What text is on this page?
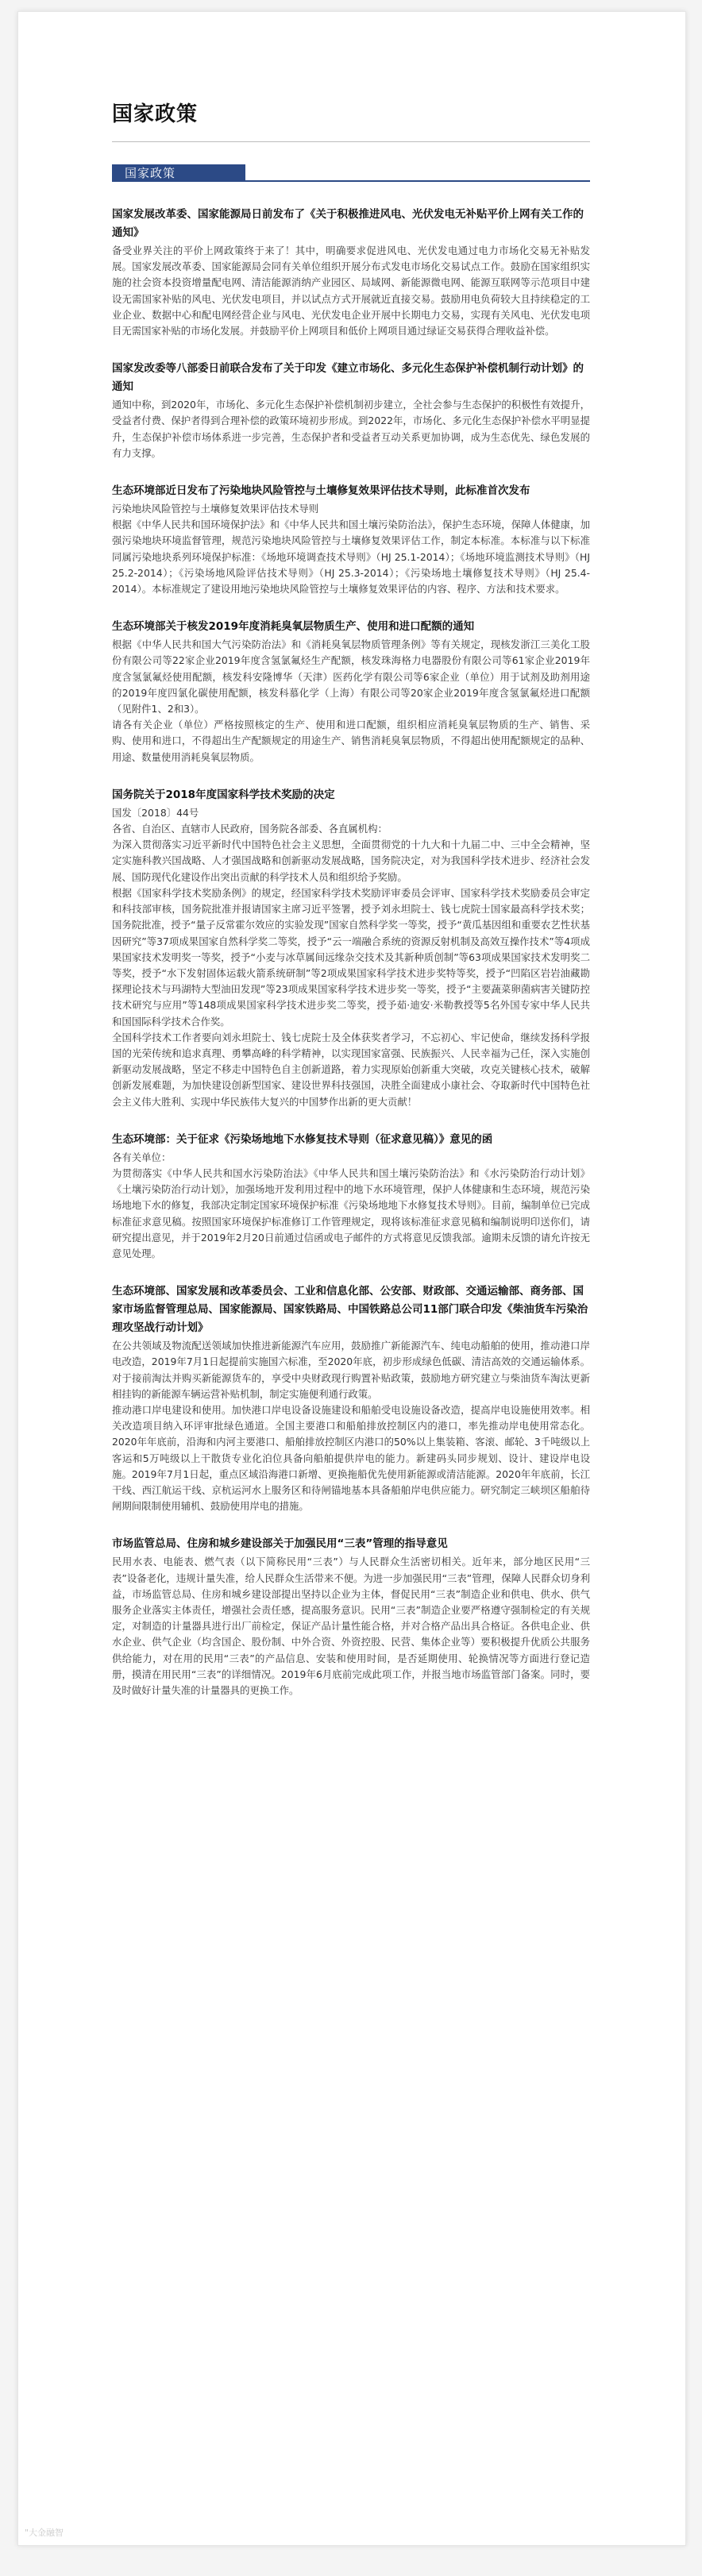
国家政策
国家政策
国家发展改革委、国家能源局日前发布了《关于积极推进风电、光伏发电无补贴平价上网有关工作的通知》

备受业界关注的平价上网政策终于来了！其中，明确要求促进风电、光伏发电通过电力市场化交易无补贴发展。国家发展改革委、国家能源局会同有关单位组织开展分布式发电市场化交易试点工作。鼓励在国家组织实施的社会资本投资增量配电网、清洁能源消纳产业园区、局域网、新能源微电网、能源互联网等示范项目中建设无需国家补贴的风电、光伏发电项目，并以试点方式开展就近直接交易。鼓励用电负荷较大且持续稳定的工业企业、数据中心和配电网经营企业与风电、光伏发电企业开展中长期电力交易，实现有关风电、光伏发电项目无需国家补贴的市场化发展。并鼓励平价上网项目和低价上网项目通过绿证交易获得合理收益补偿。

国家发改委等八部委日前联合发布了关于印发《建立市场化、多元化生态保护补偿机制行动计划》的通知

通知中称，到2020年，市场化、多元化生态保护补偿机制初步建立，全社会参与生态保护的积极性有效提升，受益者付费、保护者得到合理补偿的政策环境初步形成。到2022年，市场化、多元化生态保护补偿水平明显提升，生态保护补偿市场体系进一步完善，生态保护者和受益者互动关系更加协调，成为生态优先、绿色发展的有力支撑。

生态环境部近日发布了污染地块风险管控与土壤修复效果评估技术导则，此标准首次发布

污染地块风险管控与土壤修复效果评估技术导则

根据《中华人民共和国环境保护法》和《中华人民共和国土壤污染防治法》，保护生态环境，保障人体健康，加强污染地块环境监督管理，规范污染地块风险管控与土壤修复效果评估工作，制定本标准。本标准与以下标准同属污染地块系列环境保护标准：《场地环境调查技术导则》（HJ 25.1-2014）；《场地环境监测技术导则》（HJ 25.2-2014）；《污染场地风险评估技术导则》（HJ 25.3-2014）；《污染场地土壤修复技术导则》（HJ 25.4-2014）。本标准规定了建设用地污染地块风险管控与土壤修复效果评估的内容、程序、方法和技术要求。

生态环境部关于核发2019年度消耗臭氧层物质生产、使用和进口配额的通知

根据《中华人民共和国大气污染防治法》和《消耗臭氧层物质管理条例》等有关规定，现核发浙江三美化工股份有限公司等22家企业2019年度含氢氯氟烃生产配额，核发珠海格力电器股份有限公司等61家企业2019年度含氢氯氟烃使用配额，核发科安隆博华（天津）医药化学有限公司等6家企业（单位）用于试剂及助剂用途的2019年度四氯化碳使用配额，核发科慕化学（上海）有限公司等20家企业2019年度含氢氯氟烃进口配额（见附件1、2和3）。

请各有关企业（单位）严格按照核定的生产、使用和进口配额，组织相应消耗臭氧层物质的生产、销售、采购、使用和进口，不得超出生产配额规定的用途生产、销售消耗臭氧层物质，不得超出使用配额规定的品种、用途、数量使用消耗臭氧层物质。

国务院关于2018年度国家科学技术奖励的决定

国发〔2018〕44号

各省、自治区、直辖市人民政府，国务院各部委、各直属机构：

为深入贯彻落实习近平新时代中国特色社会主义思想，全面贯彻党的十九大和十九届二中、三中全会精神，坚定实施科教兴国战略、人才强国战略和创新驱动发展战略，国务院决定，对为我国科学技术进步、经济社会发展、国防现代化建设作出突出贡献的科学技术人员和组织给予奖励。

根据《国家科学技术奖励条例》的规定，经国家科学技术奖励评审委员会评审、国家科学技术奖励委员会审定和科技部审核，国务院批准并报请国家主席习近平签署，授予刘永坦院士、钱七虎院士国家最高科学技术奖；国务院批准，授予“量子反常霍尔效应的实验发现”国家自然科学奖一等奖，授予“黄瓜基因组和重要农艺性状基因研究”等37项成果国家自然科学奖二等奖，授予“云一端融合系统的资源反射机制及高效互操作技术”等4项成果国家技术发明奖一等奖，授予“小麦与冰草属间远缘杂交技术及其新种质创制”等63项成果国家技术发明奖二等奖，授予“水下发射固体运载火箭系统研制”等2项成果国家科学技术进步奖特等奖，授予“凹陷区岩岩油藏勘探理论技术与玛湖特大型油田发现”等23项成果国家科学技术进步奖一等奖，授予“主要蔬菜卵菌病害关键防控技术研究与应用”等148项成果国家科学技术进步奖二等奖，授予茹·迪安·米勒教授等5名外国专家中华人民共和国国际科学技术合作奖。

全国科学技术工作者要向刘永坦院士、钱七虎院士及全体获奖者学习，不忘初心、牢记使命，继续发扬科学报国的光荣传统和追求真理、勇攀高峰的科学精神，以实现国家富强、民族振兴、人民幸福为己任，深入实施创新驱动发展战略，坚定不移走中国特色自主创新道路，着力实现原始创新重大突破，攻克关键核心技术，破解创新发展难题，为加快建设创新型国家、建设世界科技强国，决胜全面建成小康社会、夺取新时代中国特色社会主义伟大胜利、实现中华民族伟大复兴的中国梦作出新的更大贡献！

生态环境部：关于征求《污染场地地下水修复技术导则（征求意见稿）》意见的函

各有关单位：

为贯彻落实《中华人民共和国水污染防治法》《中华人民共和国土壤污染防治法》和《水污染防治行动计划》《土壤污染防治行动计划》，加强场地开发利用过程中的地下水环境管理，保护人体健康和生态环境，规范污染场地地下水的修复，我部决定制定国家环境保护标准《污染场地地下水修复技术导则》。目前，编制单位已完成标准征求意见稿。按照国家环境保护标准修订工作管理规定，现将该标准征求意见稿和编制说明印送你们，请研究提出意见，并于2019年2月20日前通过信函或电子邮件的方式将意见反馈我部。逾期未反馈的请允许按无意见处理。

生态环境部、国家发展和改革委员会、工业和信息化部、公安部、财政部、交通运输部、商务部、国家市场监督管理总局、国家能源局、国家铁路局、中国铁路总公司11部门联合印发《柴油货车污染治理攻坚战行动计划》

在公共领域及物流配送领域加快推进新能源汽车应用，鼓励推广新能源汽车、纯电动船舶的使用，推动港口岸电改造，2019年7月1日起提前实施国六标准，至2020年底，初步形成绿色低碳、清洁高效的交通运输体系。对于接前淘汰并购买新能源货车的，享受中央财政现行购置补贴政策，鼓励地方研究建立与柴油货车淘汰更新相挂钩的新能源车辆运营补贴机制，制定实施便利通行政策。

推动港口岸电建设和使用。加快港口岸电设备设施建设和船舶受电设施设备改造，提高岸电设施使用效率。相关改造项目纳入环评审批绿色通道。全国主要港口和船舶排放控制区内的港口，率先推动岸电使用常态化。2020年年底前，沿海和内河主要港口、船舶排放控制区内港口的50%以上集装箱、客滚、邮轮、3千吨级以上客运和5万吨级以上干散货专业化泊位具备向船舶提供岸电的能力。新建码头同步规划、设计、建设岸电设施。2019年7月1日起，重点区域沿海港口新增、更换拖船优先使用新能源或清洁能源。2020年年底前，长江干线、西江航运干线、京杭运河水上服务区和待闸锚地基本具备船舶岸电供应能力。研究制定三峡坝区船舶待闸期间限制使用辅机、鼓励使用岸电的措施。

市场监管总局、住房和城乡建设部关于加强民用“三表”管理的指导意见

民用水表、电能表、燃气表（以下简称民用“三表”）与人民群众生活密切相关。近年来，部分地区民用“三表”设备老化，违规计量失准，给人民群众生活带来不便。为进一步加强民用“三表”管理，保障人民群众切身利益，市场监管总局、住房和城乡建设部提出坚持以企业为主体，督促民用“三表”制造企业和供电、供水、供气服务企业落实主体责任，增强社会责任感，提高服务意识。民用“三表”制造企业要严格遵守强制检定的有关规定，对制造的计量器具进行出厂前检定，保证产品计量性能合格，并对合格产品出具合格证。各供电企业、供水企业、供气企业（均含国企、股份制、中外合资、外资控股、民营、集体企业等）要积极提升优质公共服务供给能力，对在用的民用“三表”的产品信息、安装和使用时间，是否延期使用、轮换情况等方面进行登记造册，摸清在用民用“三表”的详细情况。2019年6月底前完成此项工作，并报当地市场监管部门备案。同时，要及时做好计量失准的计量器具的更换工作。

"大金融智
